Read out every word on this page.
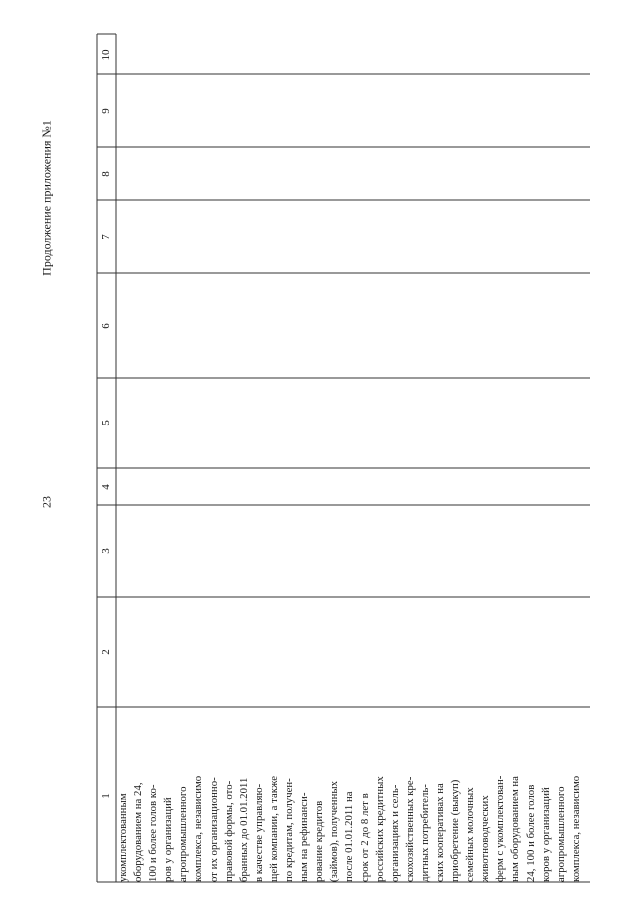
23
Продолжение приложения №1
1
2
3
4
5
6
7
8
9
10
укомплектованным оборудованием на 24, 100 и более голов ко- ров у организаций агропромышленного комплекса, независимо от их организационно- правовой формы, ото- бранных до 01.01.2011 в качестве управляю- щей компании, а также по кредитам, получен- ным на рефинанси- рование кредитов (займов), полученных после 01.01.2011 на срок от 2 до 8 лет в российских кредитных организациях и сель- скохозяйственных кре- дитных потребитель- ских кооперативах на приобретение (выкуп) семейных молочных животноводческих ферм с укомплектован- ным оборудованием на 24, 100 и более голов коров у организаций агропромышленного комплекса, независимо
